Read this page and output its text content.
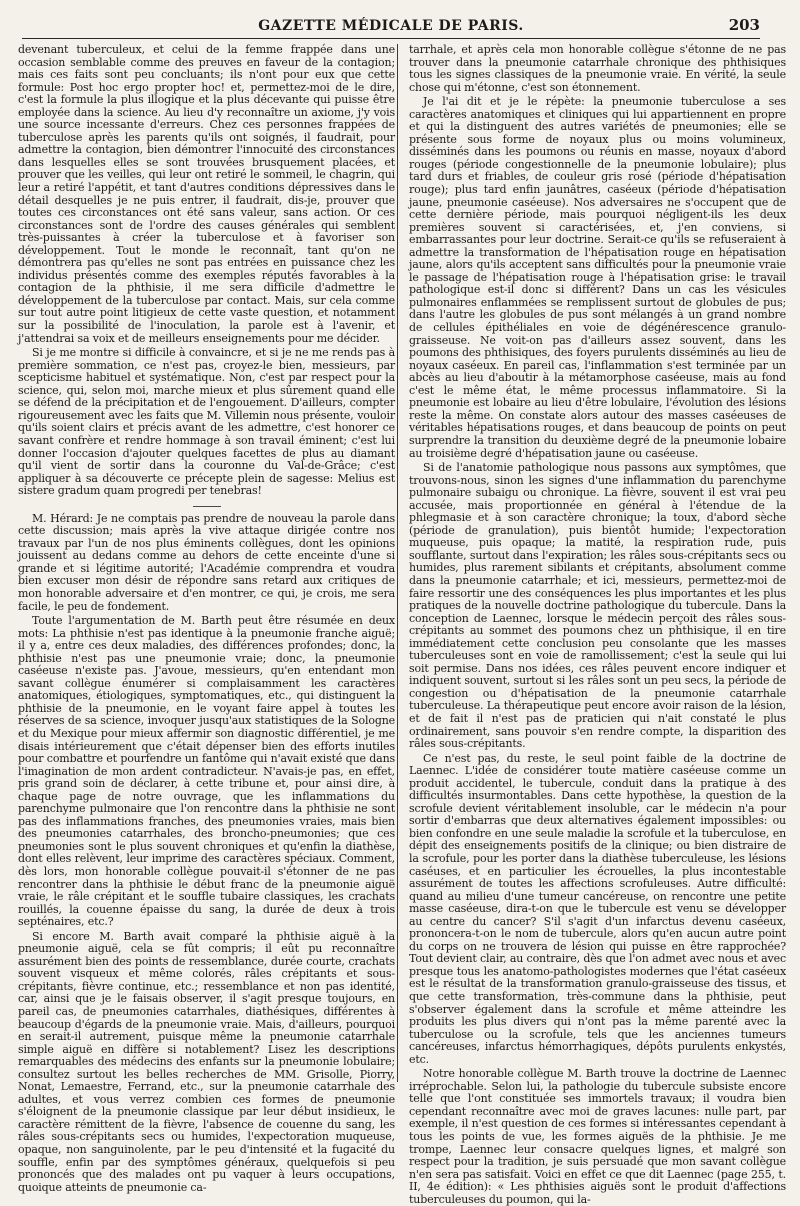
GAZETTE MÉDICALE DE PARIS.	203

devenant tuberculeux, et celui de la femme frappée dans une occasion semblable comme des preuves en faveur de la contagion; mais ces faits sont peu concluants; ils n'ont pour eux que cette formule: Post hoc ergo propter hoc! et, permettez-moi de le dire, c'est la formule la plus illogique et la plus décevante qui puisse être employée dans la science. Au lieu d'y reconnaître un axiome, j'y vois une source incessante d'erreurs. Chez ces personnes frappées de tuberculose après les parents qu'ils ont soignés, il faudrait, pour admettre la contagion, bien démontrer l'innocuité des circonstances dans lesquelles elles se sont trouvées brusquement placées, et prouver que les veilles, qui leur ont retiré le sommeil, le chagrin, qui leur a retiré l'appétit, et tant d'autres conditions dépressives dans le détail desquelles je ne puis entrer, il faudrait, dis-je, prouver que toutes ces circonstances ont été sans valeur, sans action. Or ces circonstances sont de l'ordre des causes générales qui semblent très-puissantes à créer la tuberculose et à favoriser son développement. Tout le monde le reconnaît, tant qu'on ne démontrera pas qu'elles ne sont pas entrées en puissance chez les individus présentés comme des exemples réputés favorables à la contagion de la phthisie, il me sera difficile d'admettre le développement de la tuberculose par contact. Mais, sur cela comme sur tout autre point litigieux de cette vaste question, et notamment sur la possibilité de l'inoculation, la parole est à l'avenir, et j'attendrai sa voix et de meilleurs enseignements pour me décider.

Si je me montre si difficile à convaincre, et si je ne me rends pas à première sommation, ce n'est pas, croyez-le bien, messieurs, par scepticisme habituel et systématique. Non, c'est par respect pour la science, qui, selon moi, marche mieux et plus sûrement quand elle se défend de la précipitation et de l'engouement. D'ailleurs, compter rigoureusement avec les faits que M. Villemin nous présente, vouloir qu'ils soient clairs et précis avant de les admettre, c'est honorer ce savant confrère et rendre hommage à son travail éminent; c'est lui donner l'occasion d'ajouter quelques facettes de plus au diamant qu'il vient de sortir dans la couronne du Val-de-Grâce; c'est appliquer à sa découverte ce précepte plein de sagesse: Melius est sistere gradum quam progredi per tenebras!

M. Hérard: Je ne comptais pas prendre de nouveau la parole dans cette discussion; mais après la vive attaque dirigée contre nos travaux par l'un de nos plus éminents collègues, dont les opinions jouissent au dedans comme au dehors de cette enceinte d'une si grande et si légitime autorité; l'Académie comprendra et voudra bien excuser mon désir de répondre sans retard aux critiques de mon honorable adversaire et d'en montrer, ce qui, je crois, me sera facile, le peu de fondement.

Toute l'argumentation de M. Barth peut être résumée en deux mots: La phthisie n'est pas identique à la pneumonie franche aiguë; il y a, entre ces deux maladies, des différences profondes; donc, la phthisie n'est pas une pneumonie vraie; donc, la pneumonie caséeuse n'existe pas. J'avoue, messieurs, qu'en entendant mon savant collègue énumérer si complaisamment les caractères anatomiques, étiologiques, symptomatiques, etc., qui distinguent la phthisie de la pneumonie, en le voyant faire appel à toutes les réserves de sa science, invoquer jusqu'aux statistiques de la Sologne et du Mexique pour mieux affermir son diagnostic différentiel, je me disais intérieurement que c'était dépenser bien des efforts inutiles pour combattre et pourfendre un fantôme qui n'avait existé que dans l'imagination de mon ardent contradicteur. N'avais-je pas, en effet, pris grand soin de déclarer, à cette tribune et, pour ainsi dire, à chaque page de notre ouvrage, que les inflammations du parenchyme pulmonaire que l'on rencontre dans la phthisie ne sont pas des inflammations franches, des pneumonies vraies, mais bien des pneumonies catarrhales, des broncho-pneumonies; que ces pneumonies sont le plus souvent chroniques et qu'enfin la diathèse, dont elles relèvent, leur imprime des caractères spéciaux. Comment, dès lors, mon honorable collègue pouvait-il s'étonner de ne pas rencontrer dans la phthisie le début franc de la pneumonie aiguë vraie, le râle crépitant et le souffle tubaire classiques, les crachats rouillés, la couenne épaisse du sang, la durée de deux à trois septénaires, etc.?

Si encore M. Barth avait comparé la phthisie aiguë à la pneumonie aiguë, cela se fût compris; il eût pu reconnaître assurément bien des points de ressemblance, durée courte, crachats souvent visqueux et même colorés, râles crépitants et sous-crépitants, fièvre continue, etc.; ressemblance et non pas identité, car, ainsi que je le faisais observer, il s'agit presque toujours, en pareil cas, de pneumonies catarrhales, diathésiques, différentes à beaucoup d'égards de la pneumonie vraie. Mais, d'ailleurs, pourquoi en serait-il autrement, puisque même la pneumonie catarrhale simple aiguë en diffère si notablement? Lisez les descriptions remarquables des médecins des enfants sur la pneumonie lobulaire; consultez surtout les belles recherches de MM. Grisolle, Piorry, Nonat, Lemaestre, Ferrand, etc., sur la pneumonie catarrhale des adultes, et vous verrez combien ces formes de pneumonie s'éloignent de la pneumonie classique par leur début insidieux, le caractère rémittent de la fièvre, l'absence de couenne du sang, les râles sous-crépitants secs ou humides, l'expectoration muqueuse, opaque, non sanguinolente, par le peu d'intensité et la fugacité du souffle, enfin par des symptômes généraux, quelquefois si peu prononcés que des malades ont pu vaquer à leurs occupations, quoique atteints de pneumonie ca-

tarrhale, et après cela mon honorable collègue s'étonne de ne pas trouver dans la pneumonie catarrhale chronique des phthisiques tous les signes classiques de la pneumonie vraie. En vérité, la seule chose qui m'étonne, c'est son étonnement.

Je l'ai dit et je le répète: la pneumonie tuberculose a ses caractères anatomiques et cliniques qui lui appartiennent en propre et qui la distinguent des autres variétés de pneumonies; elle se présente sous forme de noyaux plus ou moins volumineux, disséminés dans les poumons ou réunis en masse, noyaux d'abord rouges (période congestionnelle de la pneumonie lobulaire); plus tard durs et friables, de couleur gris rosé (période d'hépatisation rouge); plus tard enfin jaunâtres, caséeux (période d'hépatisation jaune, pneumonie caséeuse). Nos adversaires ne s'occupent que de cette dernière période, mais pourquoi négligent-ils les deux premières souvent si caractérisées, et, j'en conviens, si embarrassantes pour leur doctrine. Serait-ce qu'ils se refuseraient à admettre la transformation de l'hépatisation rouge en hépatisation jaune, alors qu'ils acceptent sans difficultés pour la pneumonie vraie le passage de l'hépatisation rouge à l'hépatisation grise: le travail pathologique est-il donc si différent? Dans un cas les vésicules pulmonaires enflammées se remplissent surtout de globules de pus; dans l'autre les globules de pus sont mélangés à un grand nombre de cellules épithéliales en voie de dégénérescence granulo-graisseuse. Ne voit-on pas d'ailleurs assez souvent, dans les poumons des phthisiques, des foyers purulents disséminés au lieu de noyaux caséeux. En pareil cas, l'inflammation s'est terminée par un abcès au lieu d'aboutir à la métamorphose caséeuse, mais au fond c'est le même état, le même processus inflammatoire. Si la pneumonie est lobaire au lieu d'être lobulaire, l'évolution des lésions reste la même. On constate alors autour des masses caséeuses de véritables hépatisations rouges, et dans beaucoup de points on peut surprendre la transition du deuxième degré de la pneumonie lobaire au troisième degré d'hépatisation jaune ou caséeuse.

Si de l'anatomie pathologique nous passons aux symptômes, que trouvons-nous, sinon les signes d'une inflammation du parenchyme pulmonaire subaigu ou chronique. La fièvre, souvent il est vrai peu accusée, mais proportionnée en général à l'étendue de la phlegmasie et à son caractère chronique; la toux, d'abord sèche (période de granulation), puis bientôt humide; l'expectoration muqueuse, puis opaque; la matité, la respiration rude, puis soufflante, surtout dans l'expiration; les râles sous-crépitants secs ou humides, plus rarement sibilants et crépitants, absolument comme dans la pneumonie catarrhale; et ici, messieurs, permettez-moi de faire ressortir une des conséquences les plus importantes et les plus pratiques de la nouvelle doctrine pathologique du tubercule. Dans la conception de Laennec, lorsque le médecin perçoit des râles sous-crépitants au sommet des poumons chez un phthisique, il en tire immédiatement cette conclusion peu consolante que les masses tuberculeuses sont en voie de ramollissement; c'est la seule qui lui soit permise. Dans nos idées, ces râles peuvent encore indiquer et indiquent souvent, surtout si les râles sont un peu secs, la période de congestion ou d'hépatisation de la pneumonie catarrhale tuberculeuse. La thérapeutique peut encore avoir raison de la lésion, et de fait il n'est pas de praticien qui n'ait constaté le plus ordinairement, sans pouvoir s'en rendre compte, la disparition des râles sous-crépitants.

Ce n'est pas, du reste, le seul point faible de la doctrine de Laennec. L'idée de considérer toute matière caséeuse comme un produit accidentel, le tubercule, conduit dans la pratique à des difficultés insurmontables. Dans cette hypothèse, la question de la scrofule devient véritablement insoluble, car le médecin n'a pour sortir d'embarras que deux alternatives également impossibles: ou bien confondre en une seule maladie la scrofule et la tuberculose, en dépit des enseignements positifs de la clinique; ou bien distraire de la scrofule, pour les porter dans la diathèse tuberculeuse, les lésions caséuses, et en particulier les écrouelles, la plus incontestable assurément de toutes les affections scrofuleuses. Autre difficulté: quand au milieu d'une tumeur cancéreuse, on rencontre une petite masse caséeuse, dira-t-on que le tubercule est venu se développer au centre du cancer? S'il s'agit d'un infarctus devenu caséeux, prononcera-t-on le nom de tubercule, alors qu'en aucun autre point du corps on ne trouvera de lésion qui puisse en être rapprochée? Tout devient clair, au contraire, dès que l'on admet avec nous et avec presque tous les anatomo-pathologistes modernes que l'état caséeux est le résultat de la transformation granulo-graisseuse des tissus, et que cette transformation, très-commune dans la phthisie, peut s'observer également dans la scrofule et même atteindre les produits les plus divers qui n'ont pas la même parenté avec la tuberculose ou la scrofule, tels que les anciennes tumeurs cancéreuses, infarctus hémorrhagiques, dépôts purulents enkystés, etc.

Notre honorable collègue M. Barth trouve la doctrine de Laennec irréprochable. Selon lui, la pathologie du tubercule subsiste encore telle que l'ont constituée ses immortels travaux; il voudra bien cependant reconnaître avec moi de graves lacunes: nulle part, par exemple, il n'est question de ces formes si intéressantes cependant à tous les points de vue, les formes aiguës de la phthisie. Je me trompe, Laennec leur consacre quelques lignes, et malgré son respect pour la tradition, je suis persuadé que mon savant collègue n'en sera pas satisfait. Voici en effet ce que dit Laennec (page 255, t. II, 4e édition): « Les phthisies aiguës sont le produit d'affections tuberculeuses du poumon, qui la-
